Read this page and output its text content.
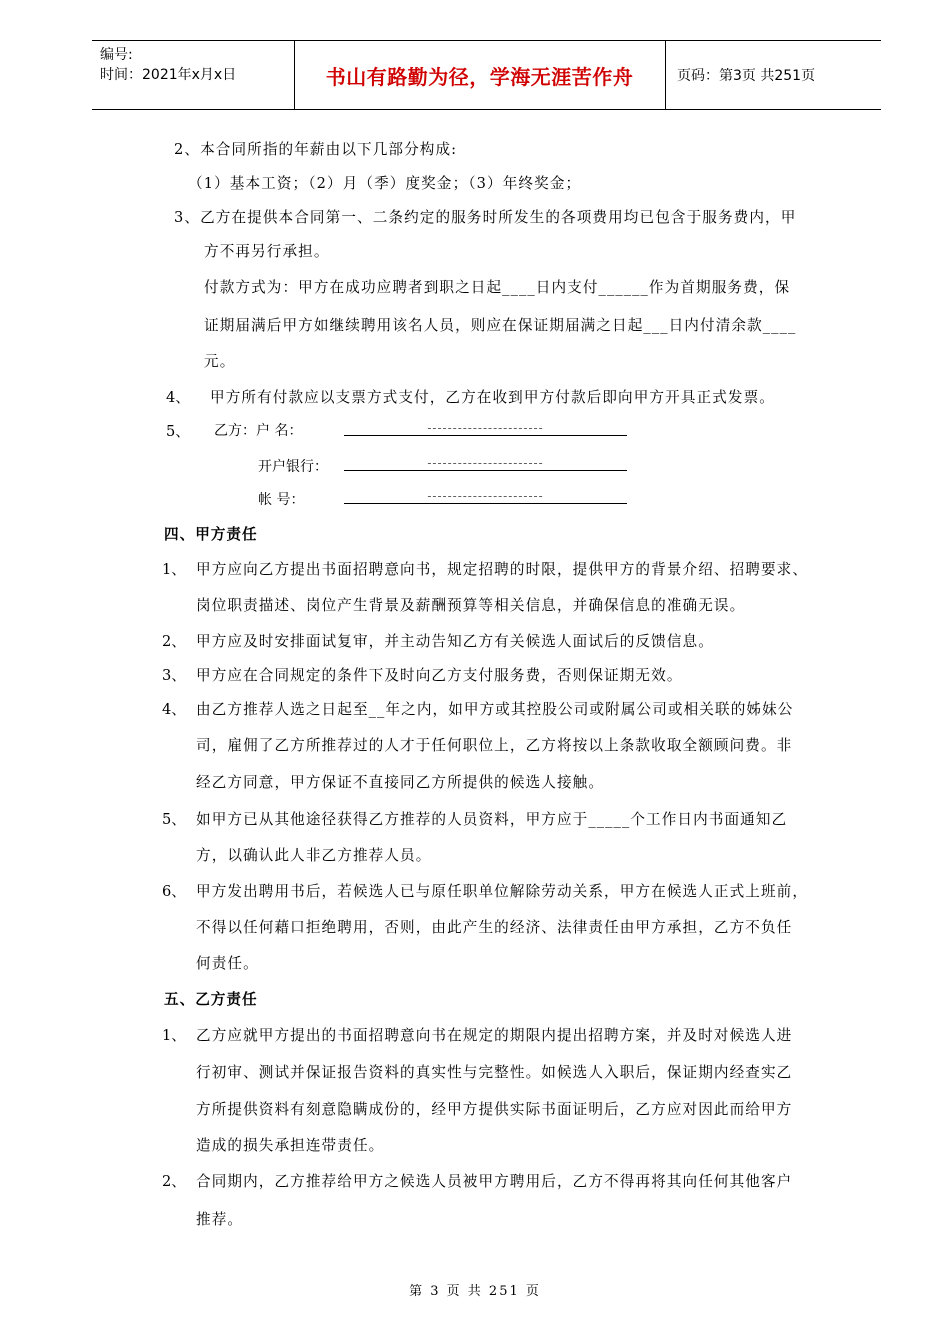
编号:
时间：2021年x月x日	书山有路勤为径，学海无涯苦作舟	页码：第3页 共251页
2、本合同所指的年薪由以下几部分构成:
（1）基本工资；（2）月（季）度奖金；（3）年终奖金；
3、乙方在提供本合同第一、二条约定的服务时所发生的各项费用均已包含于服务费内，甲
方不再另行承担。
付款方式为：甲方在成功应聘者到职之日起____日内支付______作为首期服务费，保
证期届满后甲方如继续聘用该名人员，则应在保证期届满之日起___日内付清余款____
元。
4、 甲方所有付款应以支票方式支付，乙方在收到甲方付款后即向甲方开具正式发票。
5、 乙方：户 名：	-----------------------
开户银行：	-----------------------
帐 号：	-----------------------
四、甲方责任
1、 甲方应向乙方提出书面招聘意向书，规定招聘的时限，提供甲方的背景介绍、招聘要求、
岗位职责描述、岗位产生背景及薪酬预算等相关信息，并确保信息的准确无误。
2、 甲方应及时安排面试复审，并主动告知乙方有关候选人面试后的反馈信息。
3、 甲方应在合同规定的条件下及时向乙方支付服务费，否则保证期无效。
4、 由乙方推荐人选之日起至__年之内，如甲方或其控股公司或附属公司或相关联的姊妹公
司，雇佣了乙方所推荐过的人才于任何职位上，乙方将按以上条款收取全额顾问费。非
经乙方同意，甲方保证不直接同乙方所提供的候选人接触。
5、 如甲方已从其他途径获得乙方推荐的人员资料，甲方应于_____个工作日内书面通知乙
方，以确认此人非乙方推荐人员。
6、 甲方发出聘用书后，若候选人已与原任职单位解除劳动关系，甲方在候选人正式上班前，
不得以任何藉口拒绝聘用，否则，由此产生的经济、法律责任由甲方承担，乙方不负任
何责任。
五、乙方责任
1、 乙方应就甲方提出的书面招聘意向书在规定的期限内提出招聘方案，并及时对候选人进
行初审、测试并保证报告资料的真实性与完整性。如候选人入职后，保证期内经查实乙
方所提供资料有刻意隐瞒成份的，经甲方提供实际书面证明后，乙方应对因此而给甲方
造成的损失承担连带责任。
2、 合同期内，乙方推荐给甲方之候选人员被甲方聘用后，乙方不得再将其向任何其他客户
推荐。
第 3 页 共 251 页
